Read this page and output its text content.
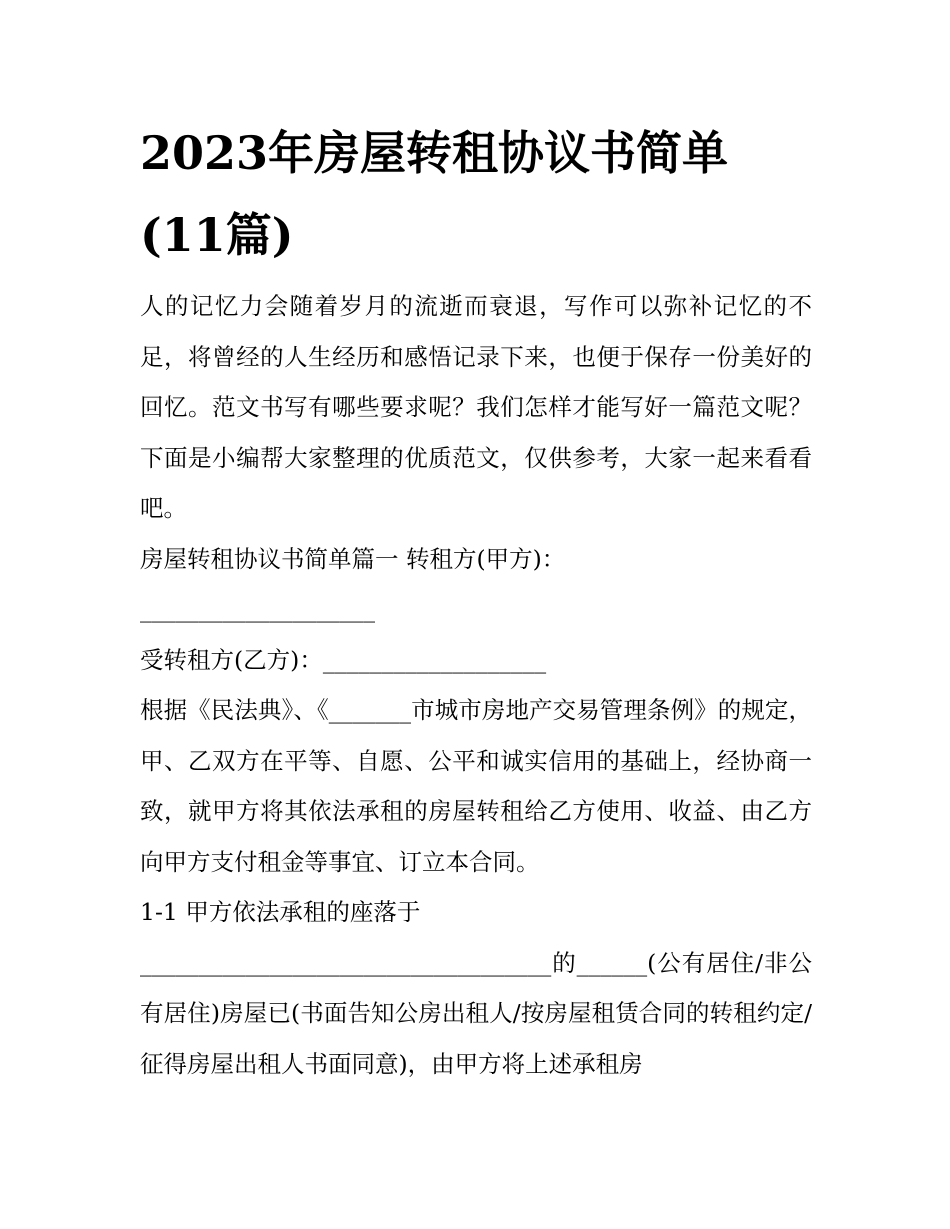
2023年房屋转租协议书简单
(11篇)

人的记忆力会随着岁月的流逝而衰退，写作可以弥补记忆的不足，将曾经的人生经历和感悟记录下来，也便于保存一份美好的回忆。范文书写有哪些要求呢？我们怎样才能写好一篇范文呢？下面是小编帮大家整理的优质范文，仅供参考，大家一起来看看吧。

房屋转租协议书简单篇一 转租方(甲方)：
____________________

受转租方(乙方)：___________________

根据《民法典》、《_______市城市房地产交易管理条例》的规定，甲、乙双方在平等、自愿、公平和诚实信用的基础上，经协商一致，就甲方将其依法承租的房屋转租给乙方使用、收益、由乙方向甲方支付租金等事宜、订立本合同。

1-1 甲方依法承租的座落于
___________________________________的______(公有居住/非公有居住)房屋已(书面告知公房出租人/按房屋租赁合同的转租约定/征得房屋出租人书面同意)，由甲方将上述承租房
